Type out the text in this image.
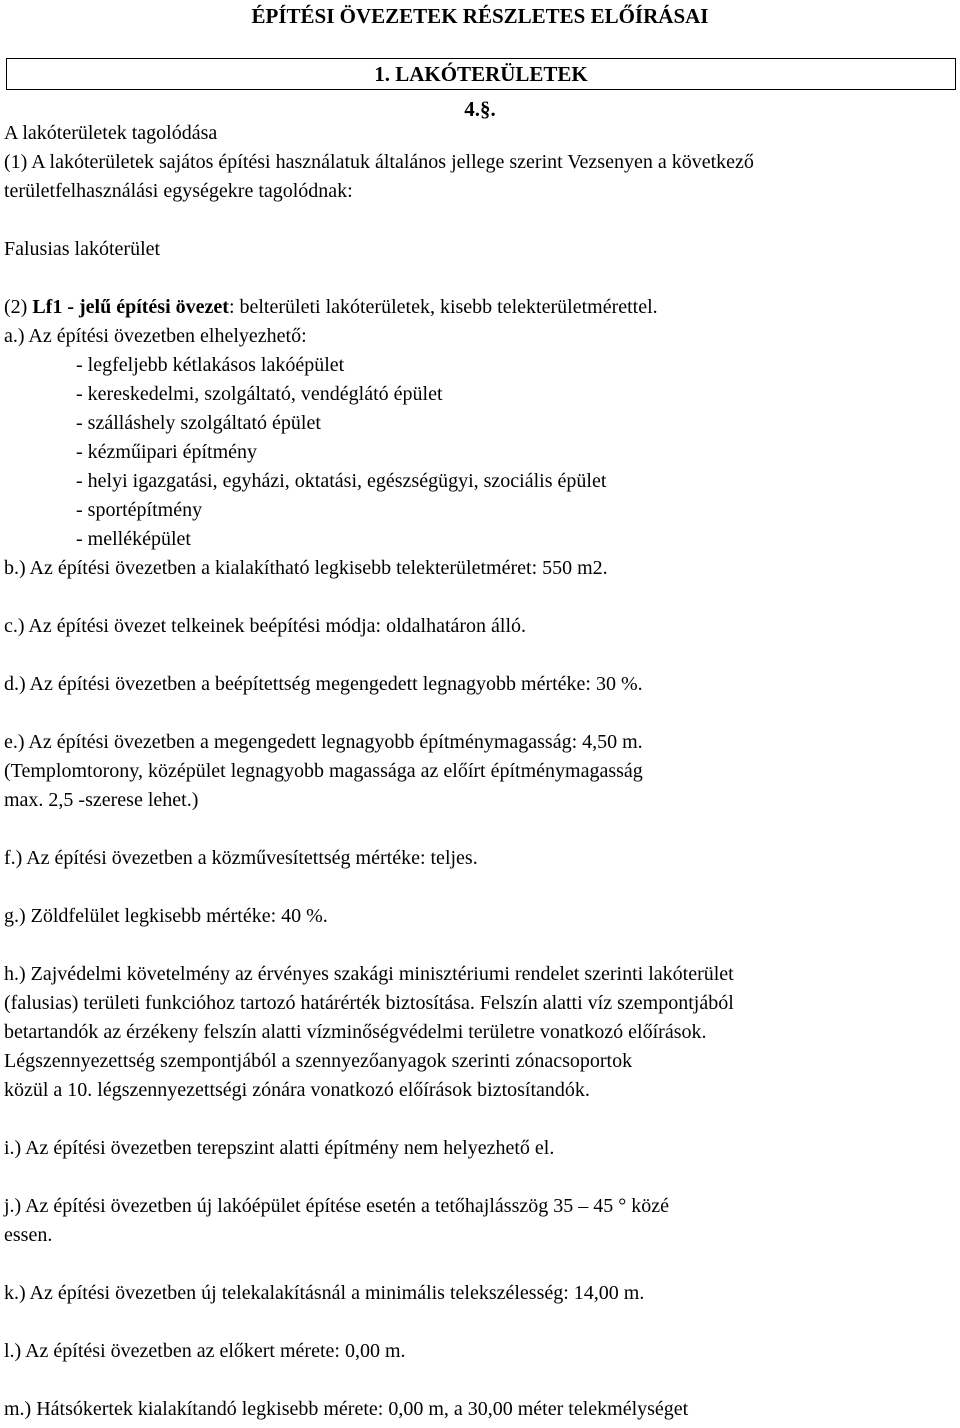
ÉPÍTÉSI ÖVEZETEK RÉSZLETES ELŐÍRÁSAI
1. LAKÓTERÜLETEK
4.§.

A lakóterületek tagolódása

(1) A lakóterületek sajátos építési használatuk általános jellege szerint Vezsenyen a következő

területfelhasználási egységekre tagolódnak:

Falusias lakóterület

(2) Lf1 - jelű építési övezet: belterületi lakóterületek, kisebb telekterületmérettel.

a.) Az építési övezetben elhelyezhető:

- legfeljebb kétlakásos lakóépület

- kereskedelmi, szolgáltató, vendéglátó épület

- szálláshely szolgáltató épület

- kézműipari építmény

- helyi igazgatási, egyházi, oktatási, egészségügyi, szociális épület

- sportépítmény

- melléképület

b.) Az építési övezetben a kialakítható legkisebb telekterületméret: 550 m2.

c.) Az építési övezet telkeinek beépítési módja: oldalhatáron álló.

d.) Az építési övezetben a beépítettség megengedett legnagyobb mértéke: 30 %.

e.) Az építési övezetben a megengedett legnagyobb építménymagasság: 4,50 m.

(Templomtorony, középület legnagyobb magassága az előírt építménymagasság

max. 2,5 -szerese lehet.)

f.) Az építési övezetben a közművesítettség mértéke: teljes.

g.) Zöldfelület legkisebb mértéke: 40 %.

h.) Zajvédelmi követelmény az érvényes szakági minisztériumi rendelet szerinti lakóterület

(falusias) területi funkcióhoz tartozó határérték biztosítása. Felszín alatti víz szempontjából

betartandók az érzékeny felszín alatti vízminőségvédelmi területre vonatkozó előírások.

Légszennyezettség szempontjából a szennyezőanyagok szerinti zónacsoportok

közül a 10. légszennyezettségi zónára vonatkozó előírások biztosítandók.

i.) Az építési övezetben terepszint alatti építmény nem helyezhető el.

j.) Az építési övezetben új lakóépület építése esetén a tetőhajlásszög 35 – 45 ° közé

essen.

k.) Az építési övezetben új telekalakításnál a minimális telekszélesség: 14,00 m.

l.) Az építési övezetben az előkert mérete: 0,00 m.

m.) Hátsókertek kialakítandó legkisebb mérete: 0,00 m, a 30,00 méter telekmélységet
